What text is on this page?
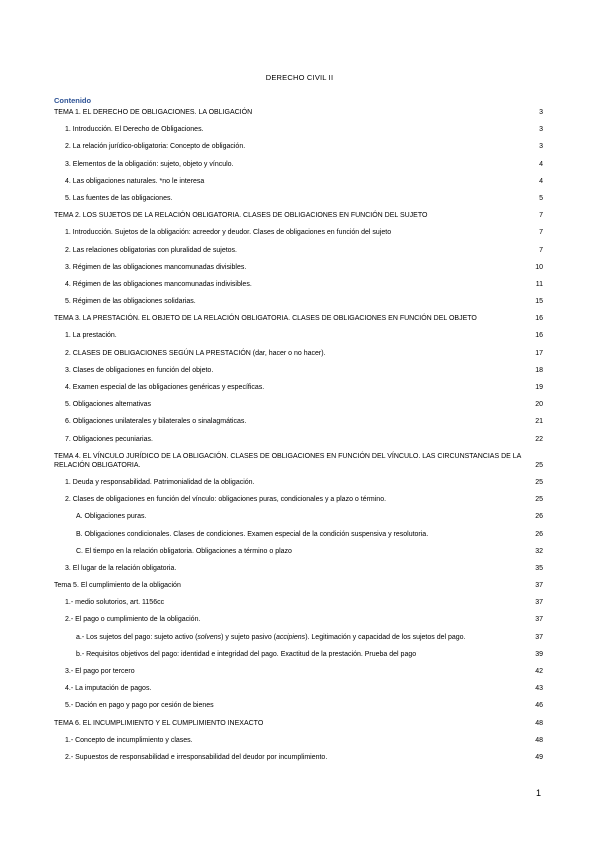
DERECHO CIVIL II
Contenido
TEMA 1. EL DERECHO DE OBLIGACIONES. LA OBLIGACIÓN	3
1. Introducción. El Derecho de Obligaciones.	3
2. La relación jurídico-obligatoria: Concepto de obligación.	3
3. Elementos de la obligación: sujeto, objeto y vínculo.	4
4. Las obligaciones naturales. *no le interesa	4
5. Las fuentes de las obligaciones.	5
TEMA 2. LOS SUJETOS DE LA RELACIÓN OBLIGATORIA. CLASES DE OBLIGACIONES EN FUNCIÓN DEL SUJETO	7
1. Introducción. Sujetos de la obligación: acreedor y deudor. Clases de obligaciones en función del sujeto	7
2. Las relaciones obligatorias con pluralidad de sujetos.	7
3. Régimen de las obligaciones mancomunadas divisibles.	10
4. Régimen de las obligaciones mancomunadas indivisibles.	11
5. Régimen de las obligaciones solidarias.	15
TEMA 3. LA PRESTACIÓN. EL OBJETO DE LA RELACIÓN OBLIGATORIA. CLASES DE OBLIGACIONES EN FUNCIÓN DEL OBJETO	16
1. La prestación.	16
2. CLASES DE OBLIGACIONES SEGÚN LA PRESTACIÓN (dar, hacer o no hacer).	17
3. Clases de obligaciones en función del objeto.	18
4. Examen especial de las obligaciones genéricas y específicas.	19
5. Obligaciones alternativas	20
6. Obligaciones unilaterales y bilaterales o sinalagmáticas.	21
7. Obligaciones pecuniarias.	22
TEMA 4. EL VÍNCULO JURÍDICO DE LA OBLIGACIÓN. CLASES DE OBLIGACIONES EN FUNCIÓN DEL VÍNCULO. LAS CIRCUNSTANCIAS DE LA RELACIÓN OBLIGATORIA.	25
1. Deuda y responsabilidad. Patrimonialidad de la obligación.	25
2. Clases de obligaciones en función del vínculo: obligaciones puras, condicionales y a plazo o término.	25
A. Obligaciones puras.	26
B. Obligaciones condicionales. Clases de condiciones. Examen especial de la condición suspensiva y resolutoria.	26
C. El tiempo en la relación obligatoria. Obligaciones a término o plazo	32
3. El lugar de la relación obligatoria.	35
Tema 5. El cumplimiento de la obligación	37
1.- medio solutorios, art. 1156cc	37
2.- El pago o cumplimiento de la obligación.	37
a.- Los sujetos del pago: sujeto activo (solvens) y sujeto pasivo (accipiens). Legitimación y capacidad de los sujetos del pago.	37
b.- Requisitos objetivos del pago: identidad e integridad del pago. Exactitud de la prestación. Prueba del pago	39
3.- El pago por tercero	42
4.- La imputación de pagos.	43
5.- Dación en pago y pago por cesión de bienes	46
TEMA 6. EL INCUMPLIMIENTO Y EL CUMPLIMIENTO INEXACTO	48
1.- Concepto de incumplimiento y clases.	48
2.- Supuestos de responsabilidad e irresponsabilidad del deudor por incumplimiento.	49
1
